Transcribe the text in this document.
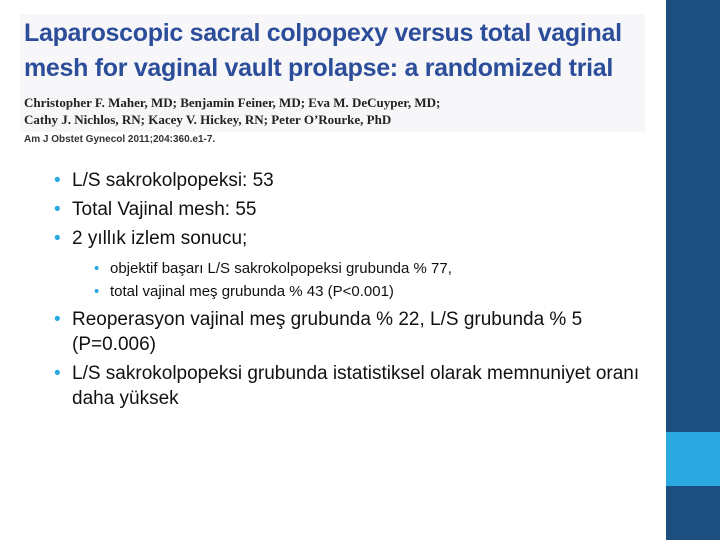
Laparoscopic sacral colpopexy versus total vaginal
mesh for vaginal vault prolapse: a randomized trial

Christopher F. Maher, MD; Benjamin Feiner, MD; Eva M. DeCuyper, MD;
Cathy J. Nichlos, RN; Kacey V. Hickey, RN; Peter O’Rourke, PhD

Am J Obstet Gynecol 2011;204:360.e1-7.
• L/S sakrokolpopeksi: 53
• Total Vajinal mesh: 55
• 2 yıllık izlem sonucu;
• objektif başarı L/S sakrokolpopeksi grubunda % 77,
• total vajinal meş grubunda % 43 (P<0.001)
• Reoperasyon vajinal meş grubunda % 22, L/S grubunda % 5 (P=0.006)
• L/S sakrokolpopeksi grubunda istatistiksel olarak memnuniyet oranı daha yüksek
